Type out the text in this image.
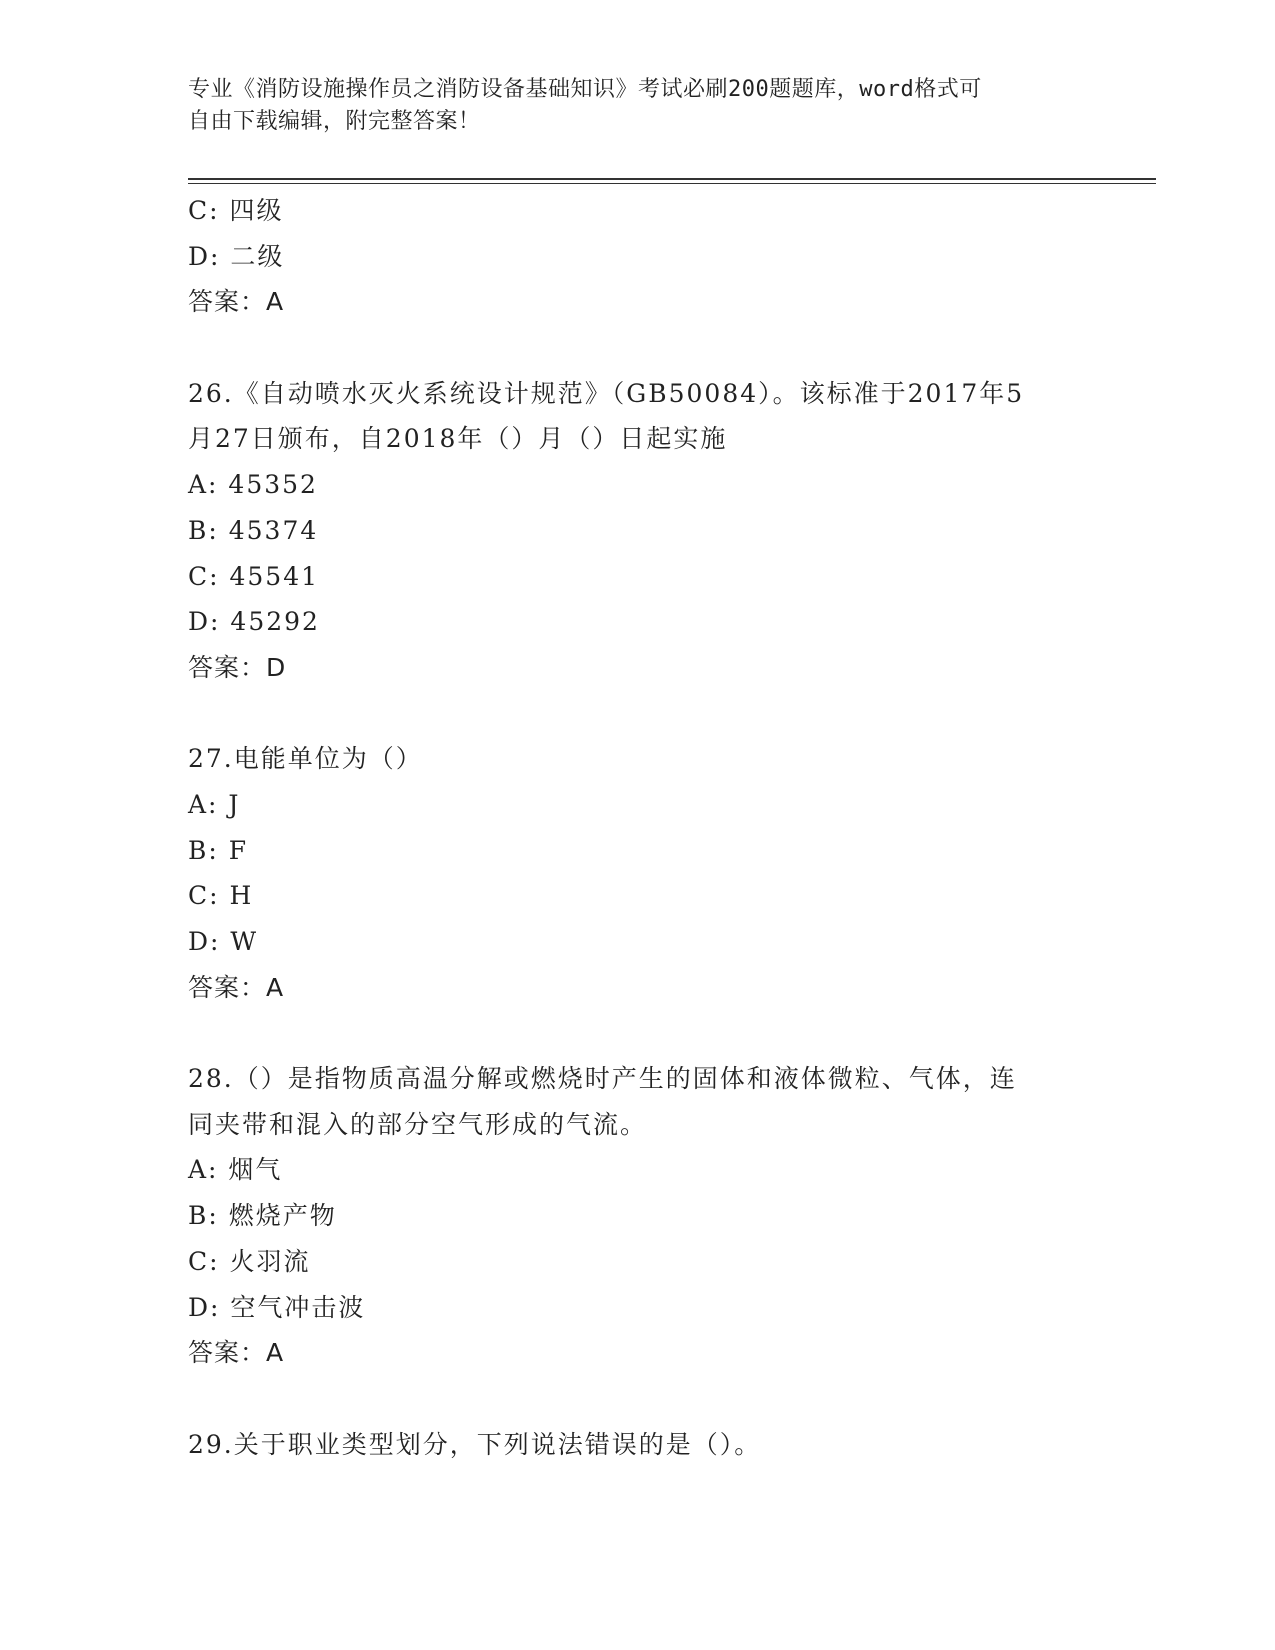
专业《消防设施操作员之消防设备基础知识》考试必刷200题题库，word格式可
自由下载编辑，附完整答案！
C: 四级
D: 二级
答案：A
26.《自动喷水灭火系统设计规范》（GB50084）。该标准于2017年5
月27日颁布，自2018年（）月（）日起实施
A: 45352
B: 45374
C: 45541
D: 45292
答案：D
27.电能单位为（）
A: J
B: F
C: H
D: W
答案：A
28.（）是指物质高温分解或燃烧时产生的固体和液体微粒、气体，连
同夹带和混入的部分空气形成的气流。
A: 烟气
B: 燃烧产物
C: 火羽流
D: 空气冲击波
答案：A
29.关于职业类型划分，下列说法错误的是（）。
